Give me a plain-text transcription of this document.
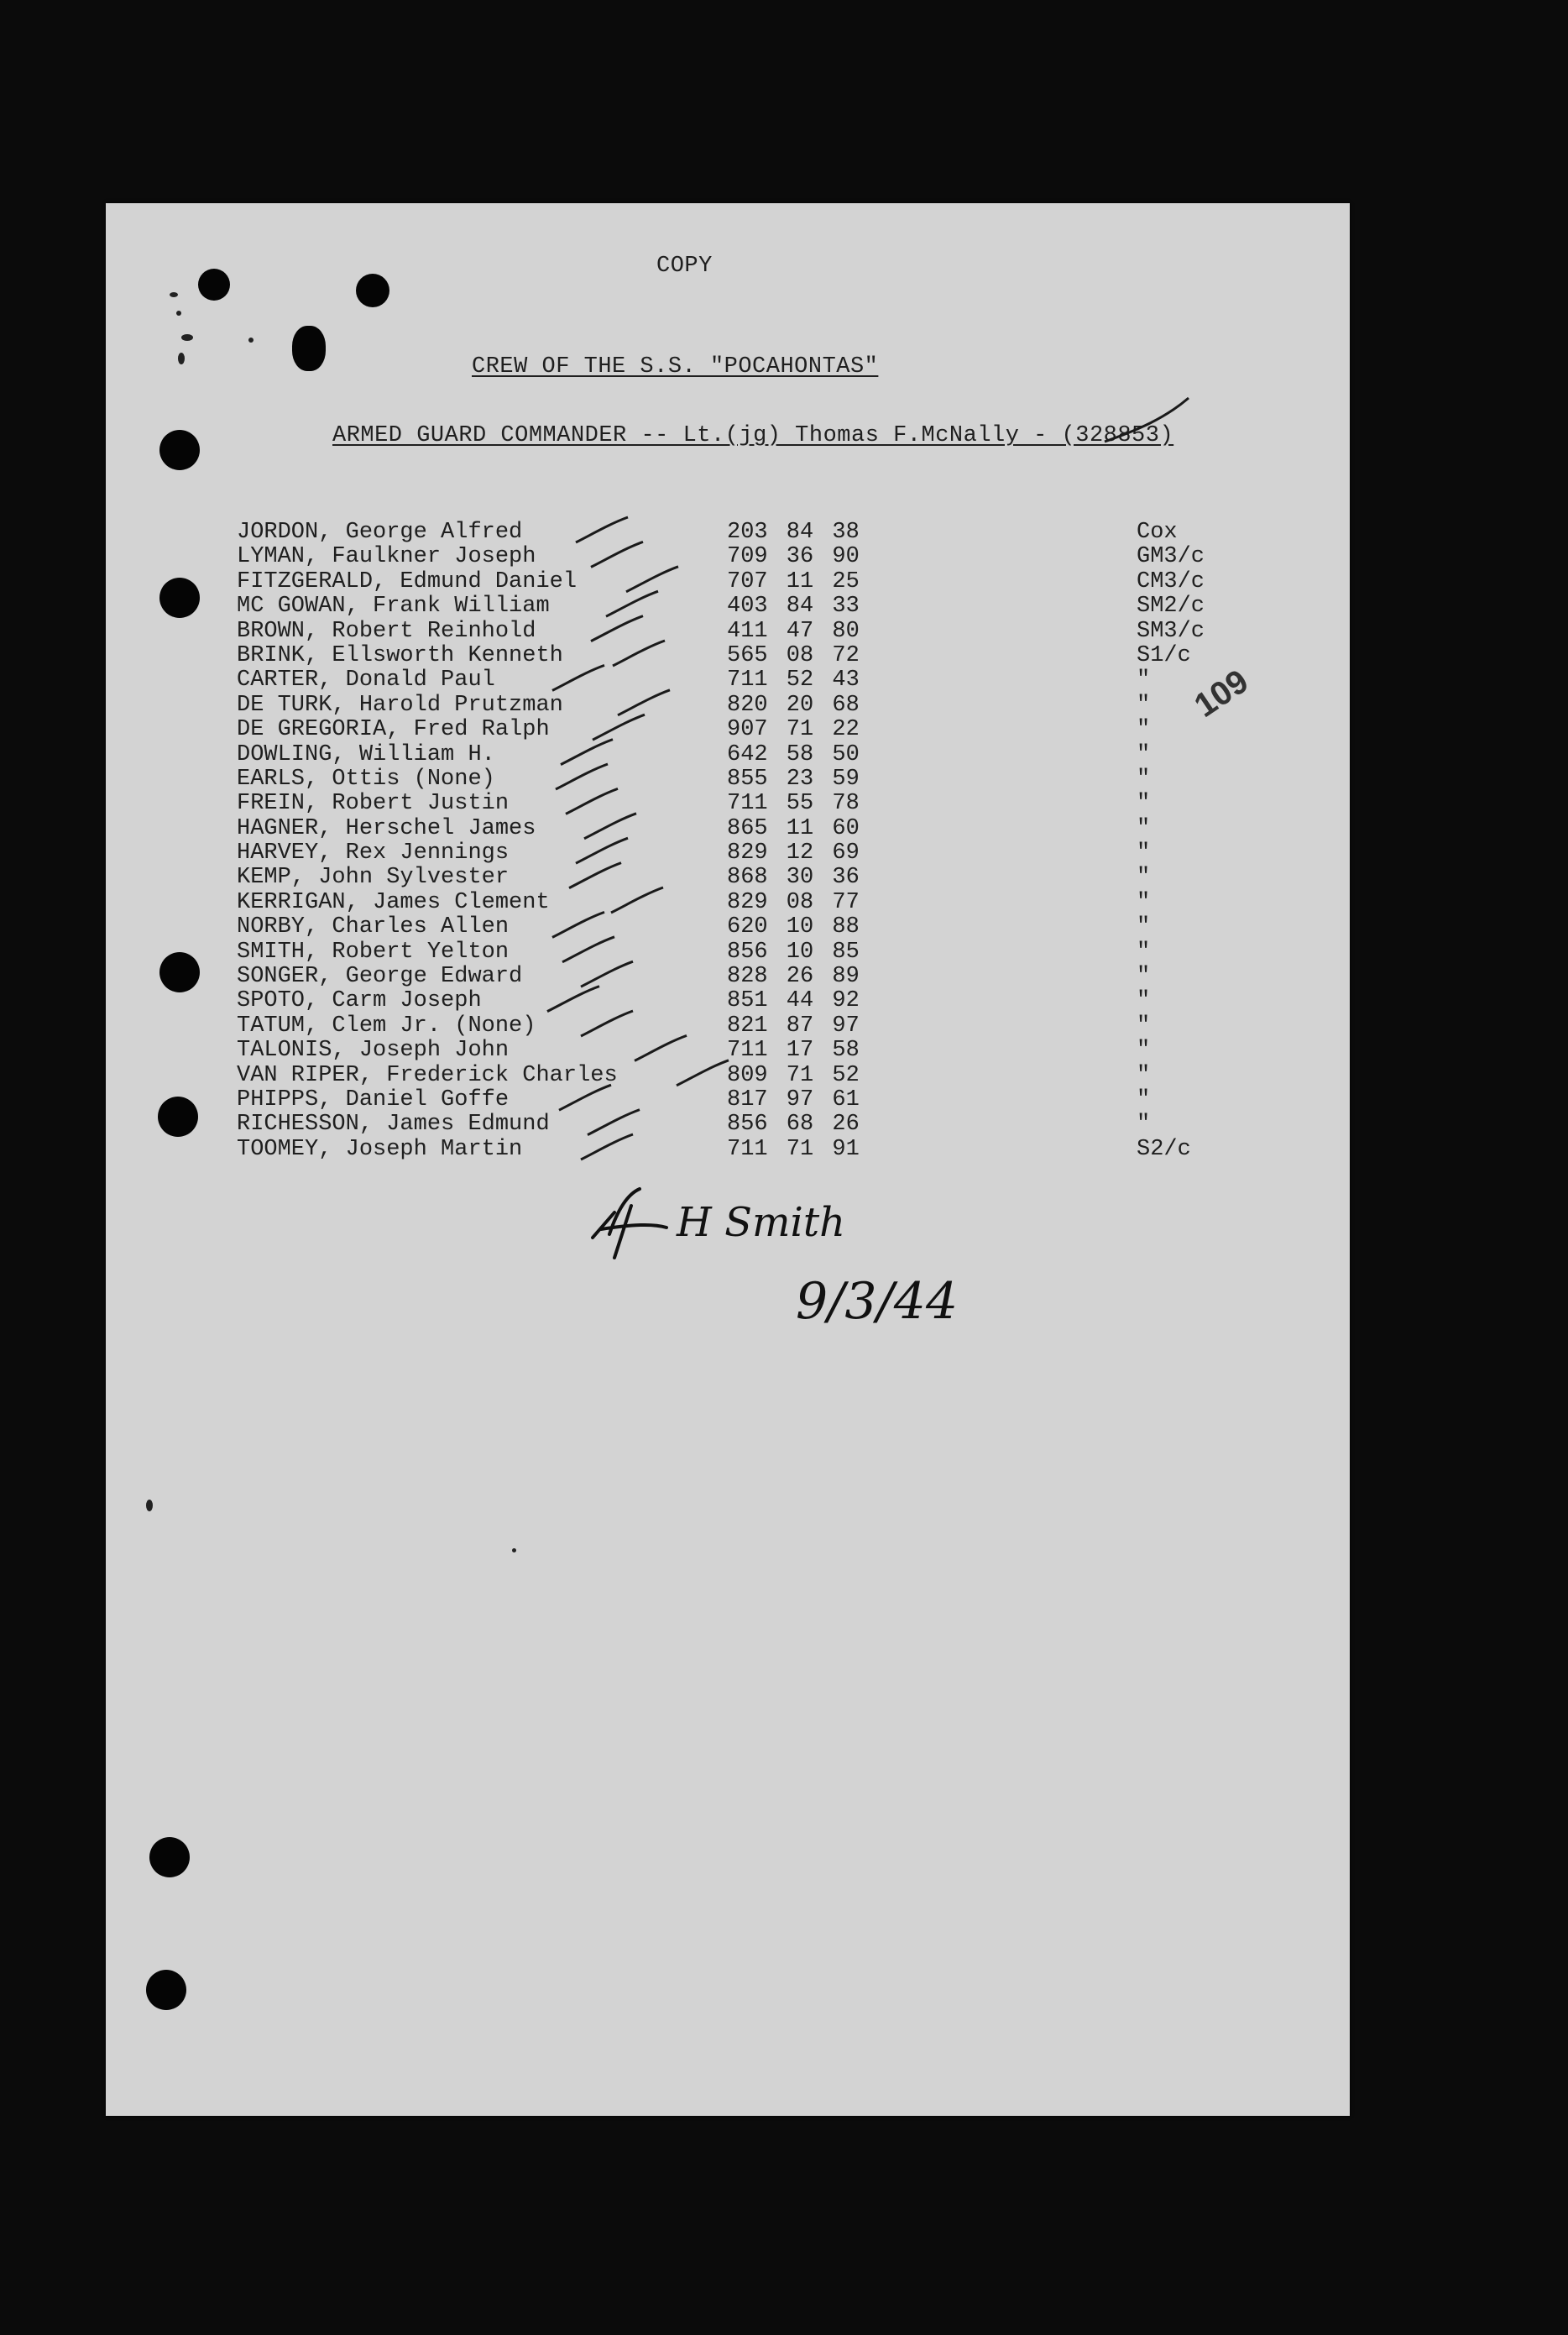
COPY
CREW OF THE S.S. "POCAHONTAS"
ARMED GUARD COMMANDER -- Lt.(jg) Thomas F.McNally - (328853)
109
JORDON, George Alfred	203 84 38	Cox
LYMAN, Faulkner Joseph	709 36 90	GM3/c
FITZGERALD, Edmund Daniel	707 11 25	CM3/c
MC GOWAN, Frank William	403 84 33	SM2/c
BROWN, Robert Reinhold	411 47 80	SM3/c
BRINK, Ellsworth Kenneth	565 08 72	S1/c
CARTER, Donald Paul	711 52 43	"
DE TURK, Harold Prutzman	820 20 68	"
DE GREGORIA, Fred Ralph	907 71 22	"
DOWLING, William H.	642 58 50	"
EARLS, Ottis (None)	855 23 59	"
FREIN, Robert Justin	711 55 78	"
HAGNER, Herschel James	865 11 60	"
HARVEY, Rex Jennings	829 12 69	"
KEMP, John Sylvester	868 30 36	"
KERRIGAN, James Clement	829 08 77	"
NORBY, Charles Allen	620 10 88	"
SMITH, Robert Yelton	856 10 85	"
SONGER, George Edward	828 26 89	"
SPOTO, Carm Joseph	851 44 92	"
TATUM, Clem Jr. (None)	821 87 97	"
TALONIS, Joseph John	711 17 58	"
VAN RIPER, Frederick Charles	809 71 52	"
PHIPPS, Daniel Goffe	817 97 61	"
RICHESSON, James Edmund	856 68 26	"
TOOMEY, Joseph Martin	711 71 91	S2/c
H Smith
9/3/44
